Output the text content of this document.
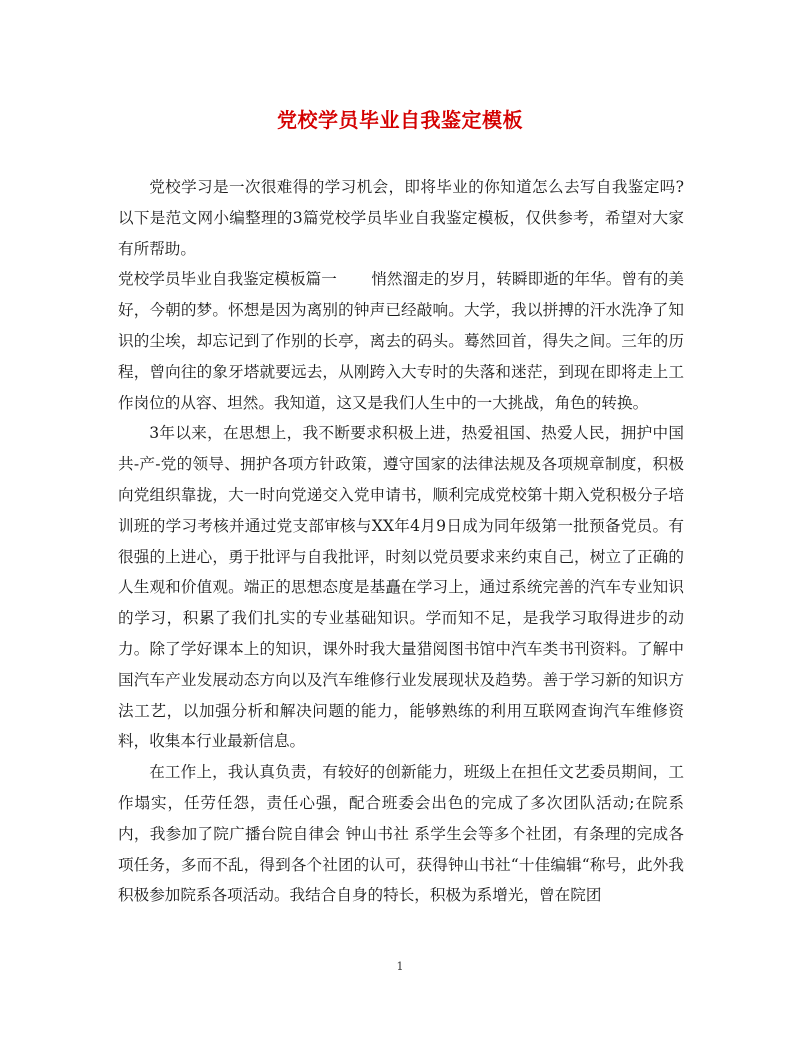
党校学员毕业自我鉴定模板

党校学习是一次很难得的学习机会，即将毕业的你知道怎么去写自我鉴定吗?以下是范文网小编整理的3篇党校学员毕业自我鉴定模板，仅供参考，希望对大家有所帮助。

党校学员毕业自我鉴定模板篇一 悄然溜走的岁月，转瞬即逝的年华。曾有的美好，今朝的梦。怀想是因为离别的钟声已经敲响。大学，我以拼搏的汗水洗净了知识的尘埃，却忘记到了作别的长亭，离去的码头。蓦然回首，得失之间。三年的历程，曾向往的象牙塔就要远去，从刚跨入大专时的失落和迷茫，到现在即将走上工作岗位的从容、坦然。我知道，这又是我们人生中的一大挑战，角色的转换。

3年以来，在思想上，我不断要求积极上进，热爱祖国、热爱人民，拥护中国共-产-党的领导、拥护各项方针政策，遵守国家的法律法规及各项规章制度，积极向党组织靠拢，大一时向党递交入党申请书，顺利完成党校第十期入党积极分子培训班的学习考核并通过党支部审核与XX年4月9日成为同年级第一批预备党员。有很强的上进心，勇于批评与自我批评，时刻以党员要求来约束自己，树立了正确的人生观和价值观。端正的思想态度是基矗在学习上，通过系统完善的汽车专业知识的学习，积累了我们扎实的专业基础知识。学而知不足，是我学习取得进步的动力。除了学好课本上的知识，课外时我大量猎阅图书馆中汽车类书刊资料。了解中国汽车产业发展动态方向以及汽车维修行业发展现状及趋势。善于学习新的知识方法工艺，以加强分析和解决问题的能力，能够熟练的利用互联网查询汽车维修资料，收集本行业最新信息。

在工作上，我认真负责，有较好的创新能力，班级上在担任文艺委员期间，工作塌实，任劳任怨，责任心强，配合班委会出色的完成了多次团队活动;在院系内，我参加了院广播台院自律会 钟山书社 系学生会等多个社团，有条理的完成各项任务，多而不乱，得到各个社团的认可，获得钟山书社“十佳编辑“称号，此外我积极参加院系各项活动。我结合自身的特长，积极为系增光，曾在院团

1
